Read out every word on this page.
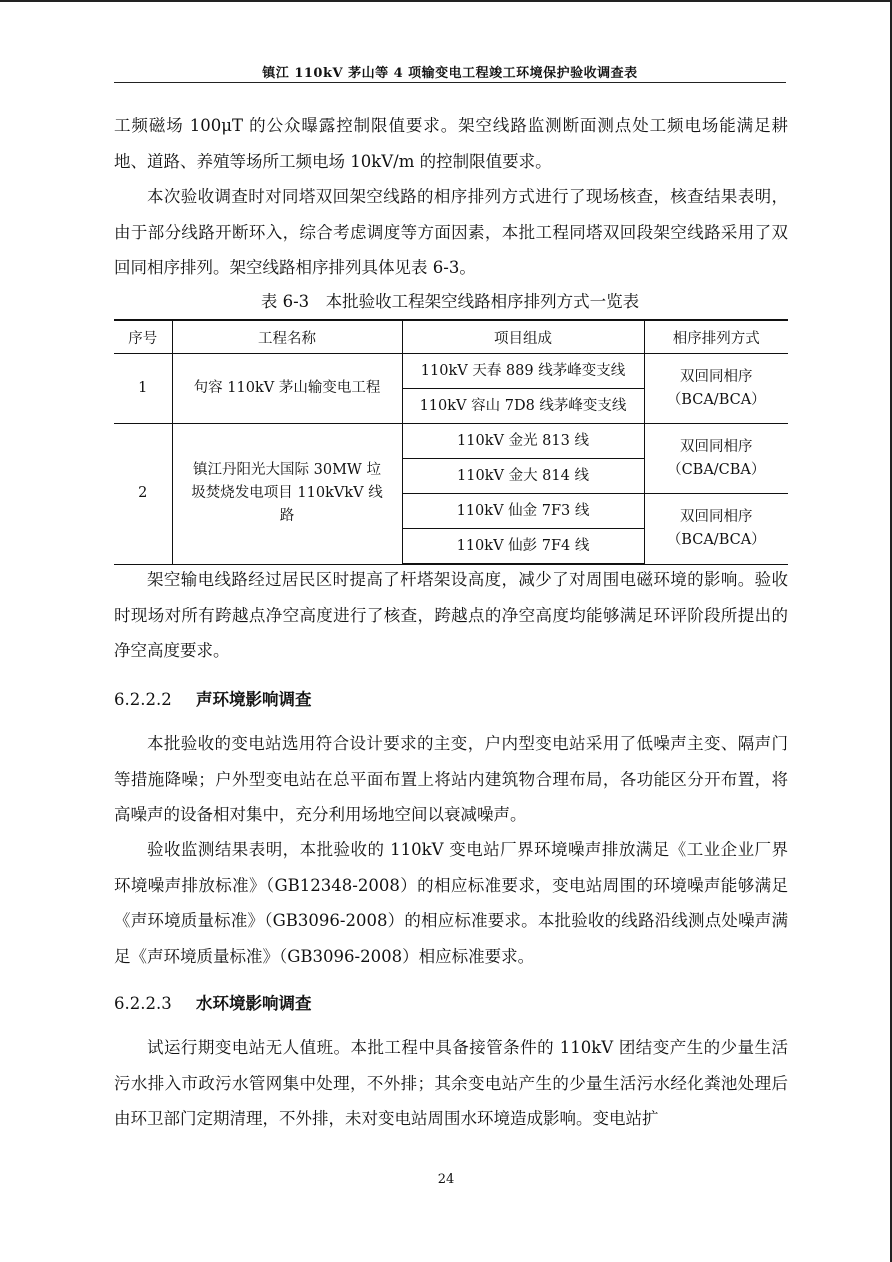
镇江 110kV 茅山等 4 项输变电工程竣工环境保护验收调查表

工频磁场 100μT 的公众曝露控制限值要求。架空线路监测断面测点处工频电场能满足耕地、道路、养殖等场所工频电场 10kV/m 的控制限值要求。

本次验收调查时对同塔双回架空线路的相序排列方式进行了现场核查，核查结果表明，由于部分线路开断环入，综合考虑调度等方面因素，本批工程同塔双回段架空线路采用了双回同相序排列。架空线路相序排列具体见表 6-3。

表 6-3　本批验收工程架空线路相序排列方式一览表
序号	工程名称	项目组成	相序排列方式
1	句容 110kV 茅山输变电工程	110kV 天春 889 线茅峰变支线	双回同相序（BCA/BCA）
		110kV 容山 7D8 线茅峰变支线	
2	镇江丹阳光大国际 30MW 垃圾焚烧发电项目 110kVkV 线路	110kV 金光 813 线	双回同相序（CBA/CBA）
		110kV 金大 814 线	
		110kV 仙金 7F3 线	双回同相序（BCA/BCA）
		110kV 仙彭 7F4 线	

架空输电线路经过居民区时提高了杆塔架设高度，减少了对周围电磁环境的影响。验收时现场对所有跨越点净空高度进行了核查，跨越点的净空高度均能够满足环评阶段所提出的净空高度要求。

6.2.2.2 声环境影响调查

本批验收的变电站选用符合设计要求的主变，户内型变电站采用了低噪声主变、隔声门等措施降噪；户外型变电站在总平面布置上将站内建筑物合理布局，各功能区分开布置，将高噪声的设备相对集中，充分利用场地空间以衰减噪声。

验收监测结果表明，本批验收的 110kV 变电站厂界环境噪声排放满足《工业企业厂界环境噪声排放标准》（GB12348-2008）的相应标准要求，变电站周围的环境噪声能够满足《声环境质量标准》（GB3096-2008）的相应标准要求。本批验收的线路沿线测点处噪声满足《声环境质量标准》（GB3096-2008）相应标准要求。

6.2.2.3 水环境影响调查

试运行期变电站无人值班。本批工程中具备接管条件的 110kV 团结变产生的少量生活污水排入市政污水管网集中处理，不外排；其余变电站产生的少量生活污水经化粪池处理后由环卫部门定期清理，不外排，未对变电站周围水环境造成影响。变电站扩

24
